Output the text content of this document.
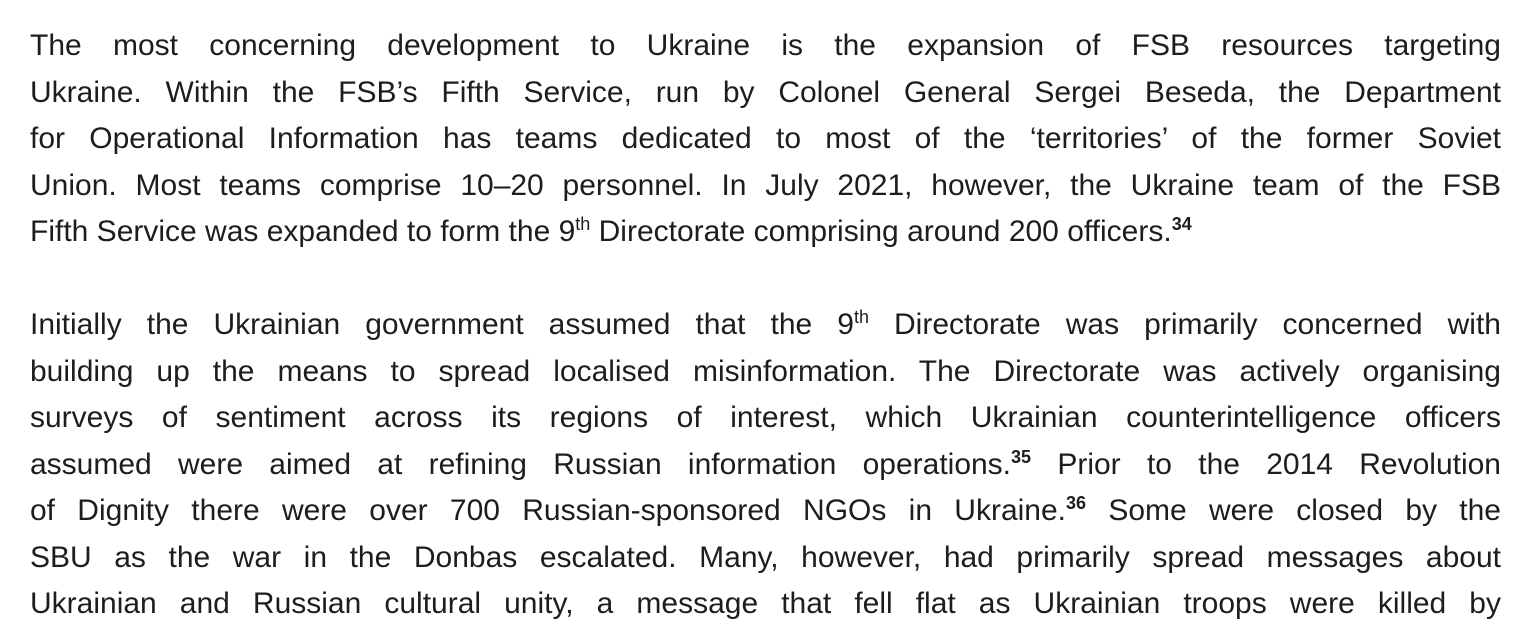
The most concerning development to Ukraine is the expansion of FSB resources targeting
Ukraine. Within the FSB’s Fifth Service, run by Colonel General Sergei Beseda, the Department
for Operational Information has teams dedicated to most of the ‘territories’ of the former Soviet
Union. Most teams comprise 10–20 personnel. In July 2021, however, the Ukraine team of the FSB
Fifth Service was expanded to form the 9th Directorate comprising around 200 officers.$^{34}$
Initially the Ukrainian government assumed that the 9th Directorate was primarily concerned with
building up the means to spread localised misinformation. The Directorate was actively organising
surveys of sentiment across its regions of interest, which Ukrainian counterintelligence officers
assumed were aimed at refining Russian information operations.$^{35}$ Prior to the 2014 Revolution
of Dignity there were over 700 Russian-sponsored NGOs in Ukraine.$^{36}$ Some were closed by the
SBU as the war in the Donbas escalated. Many, however, had primarily spread messages about
Ukrainian and Russian cultural unity, a message that fell flat as Ukrainian troops were killed by
